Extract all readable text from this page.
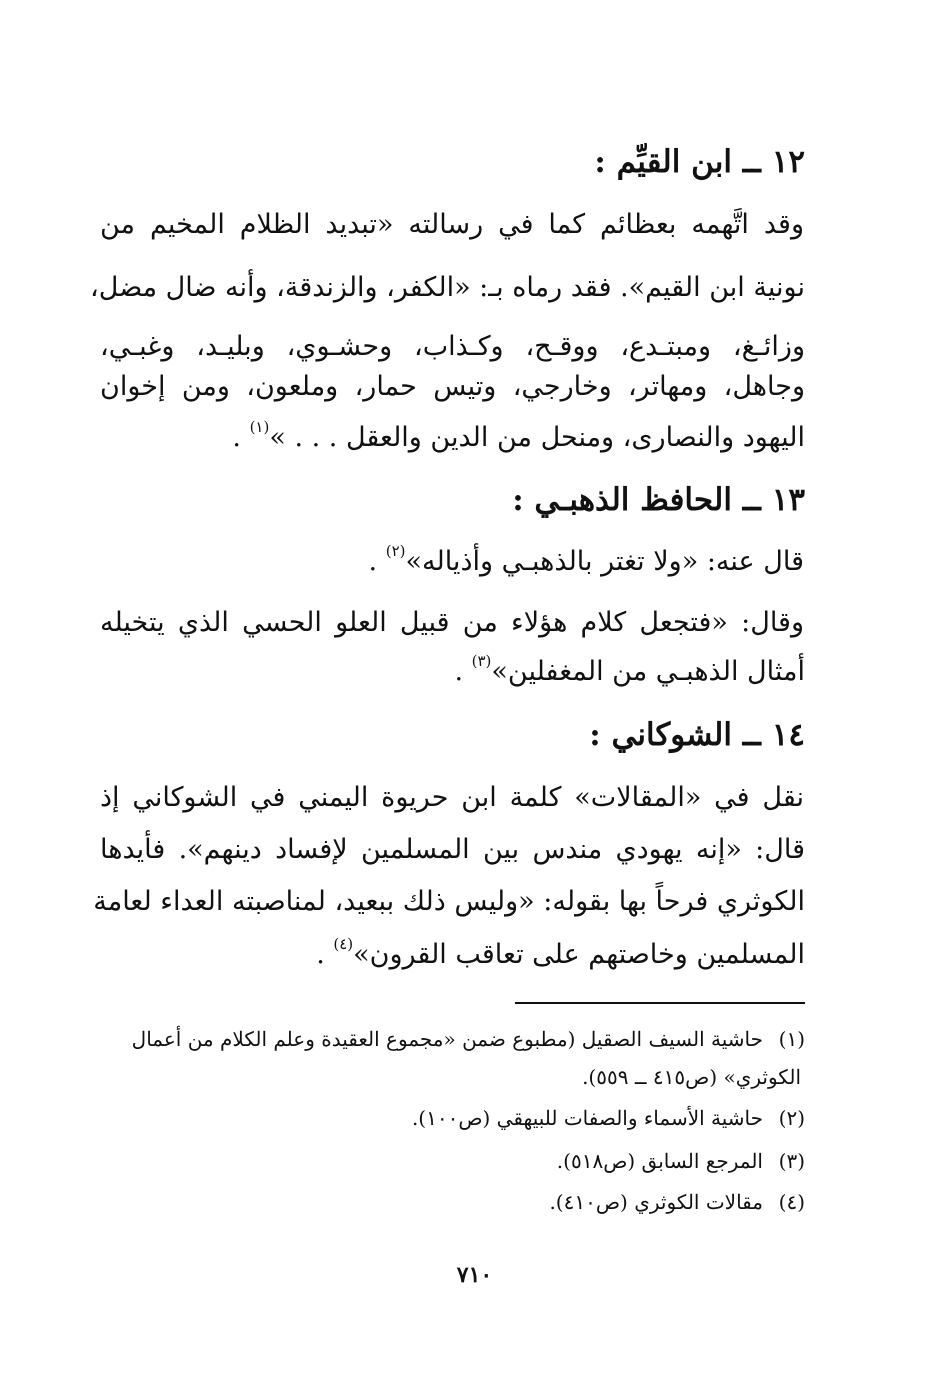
١٢ ــ ابن القيِّم :
وقد اتَّهمه بعظائم كما في رسالته «تبديد الظلام المخيم من
نونية ابن القيم». فقد رماه بـ: «الكفر، والزندقة، وأنه ضال مضل،
وزائـغ، ومبتـدع، ووقـح، وكـذاب، وحشـوي، وبليـد، وغبـي،
وجاهل، ومهاتر، وخارجي، وتيس حمار، وملعون، ومن إخوان
اليهود والنصارى، ومنحل من الدين والعقل . . . »$^{(١)}$ .
١٣ ــ الحافظ الذهبـي :
قال عنه: «ولا تغتر بالذهبـي وأذياله»$^{(٢)}$ .
وقال: «فتجعل كلام هؤلاء من قبيل العلو الحسي الذي يتخيله
أمثال الذهبـي من المغفلين»$^{(٣)}$ .
١٤ ــ الشوكاني :
نقل في «المقالات» كلمة ابن حريوة اليمني في الشوكاني إذ
قال: «إنه يهودي مندس بين المسلمين لإفساد دينهم». فأيدها
الكوثري فرحاً بها بقوله: «وليس ذلك ببعيد، لمناصبته العداء لعامة
المسلمين وخاصتهم على تعاقب القرون»$^{(٤)}$ .
(١)حاشية السيف الصقيل (مطبوع ضمن «مجموع العقيدة وعلم الكلام من أعمال
الكوثري» (ص٤١٥ ــ ٥٥٩).
(٢)حاشية الأسماء والصفات للبيهقي (ص١٠٠).
(٣)المرجع السابق (ص٥١٨).
(٤)مقالات الكوثري (ص٤١٠).
٧١٠
